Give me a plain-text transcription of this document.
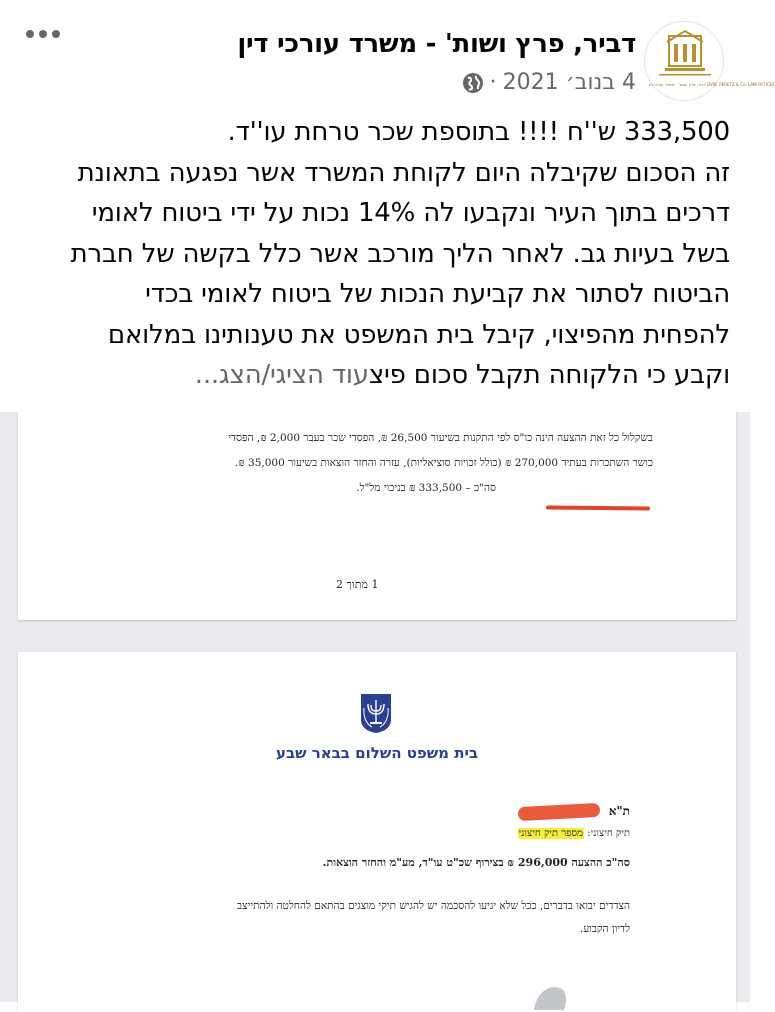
דביר, פרץ ושות' - משרד עורכי דין DVIR, PERETZ & Co. LAW OFFICES
דביר, פרץ ושות' - משרד עורכי דין
4 בנוב׳ 2021
·

333,500 ש''ח !!!! בתוספת שכר טרחת עו''ד.

זה הסכום שקיבלה היום לקוחת המשרד אשר נפגעה בתאונת

דרכים בתוך העיר ונקבעו לה 14% נכות על ידי ביטוח לאומי

בשל בעיות גב. לאחר הליך מורכב אשר כלל בקשה של חברת

הביטוח לסתור את קביעת הנכות של ביטוח לאומי בכדי

להפחית מהפיצוי, קיבל בית המשפט את טענותינו במלואם

וקבע כי הלקוחה תקבל סכום פיצעוד הציגי/הצג...

בשקלול כל זאת ההצעה הינה כו"ס לפי התקנות בשיעור 26,500 ₪, הפסדי שכר בעבר 2,000 ₪, הפסדי
כושר השתכרות בעתיד 270,000 ₪ (כולל זכויות סוציאליות), עזרה והחזר הוצאות בשיעור 35,000 ₪.
סה"כ – 333,500 ₪ בניכוי מל"ל.
1 מתוך 2
בית משפט השלום בבאר שבע
ת"א
תיק חיצוני: מספר תיק חיצוני
סה"כ ההצעה 296,000 ₪ בצירוף שכ"ט עו"ד, מע"מ והחזר הוצאות.
הצדדים יבואו בדברים, ככל שלא יגיעו להסכמה יש להגיש תיקי מוצגים בהתאם להחלטה ולהתייצב
לדיון הקבוע.
